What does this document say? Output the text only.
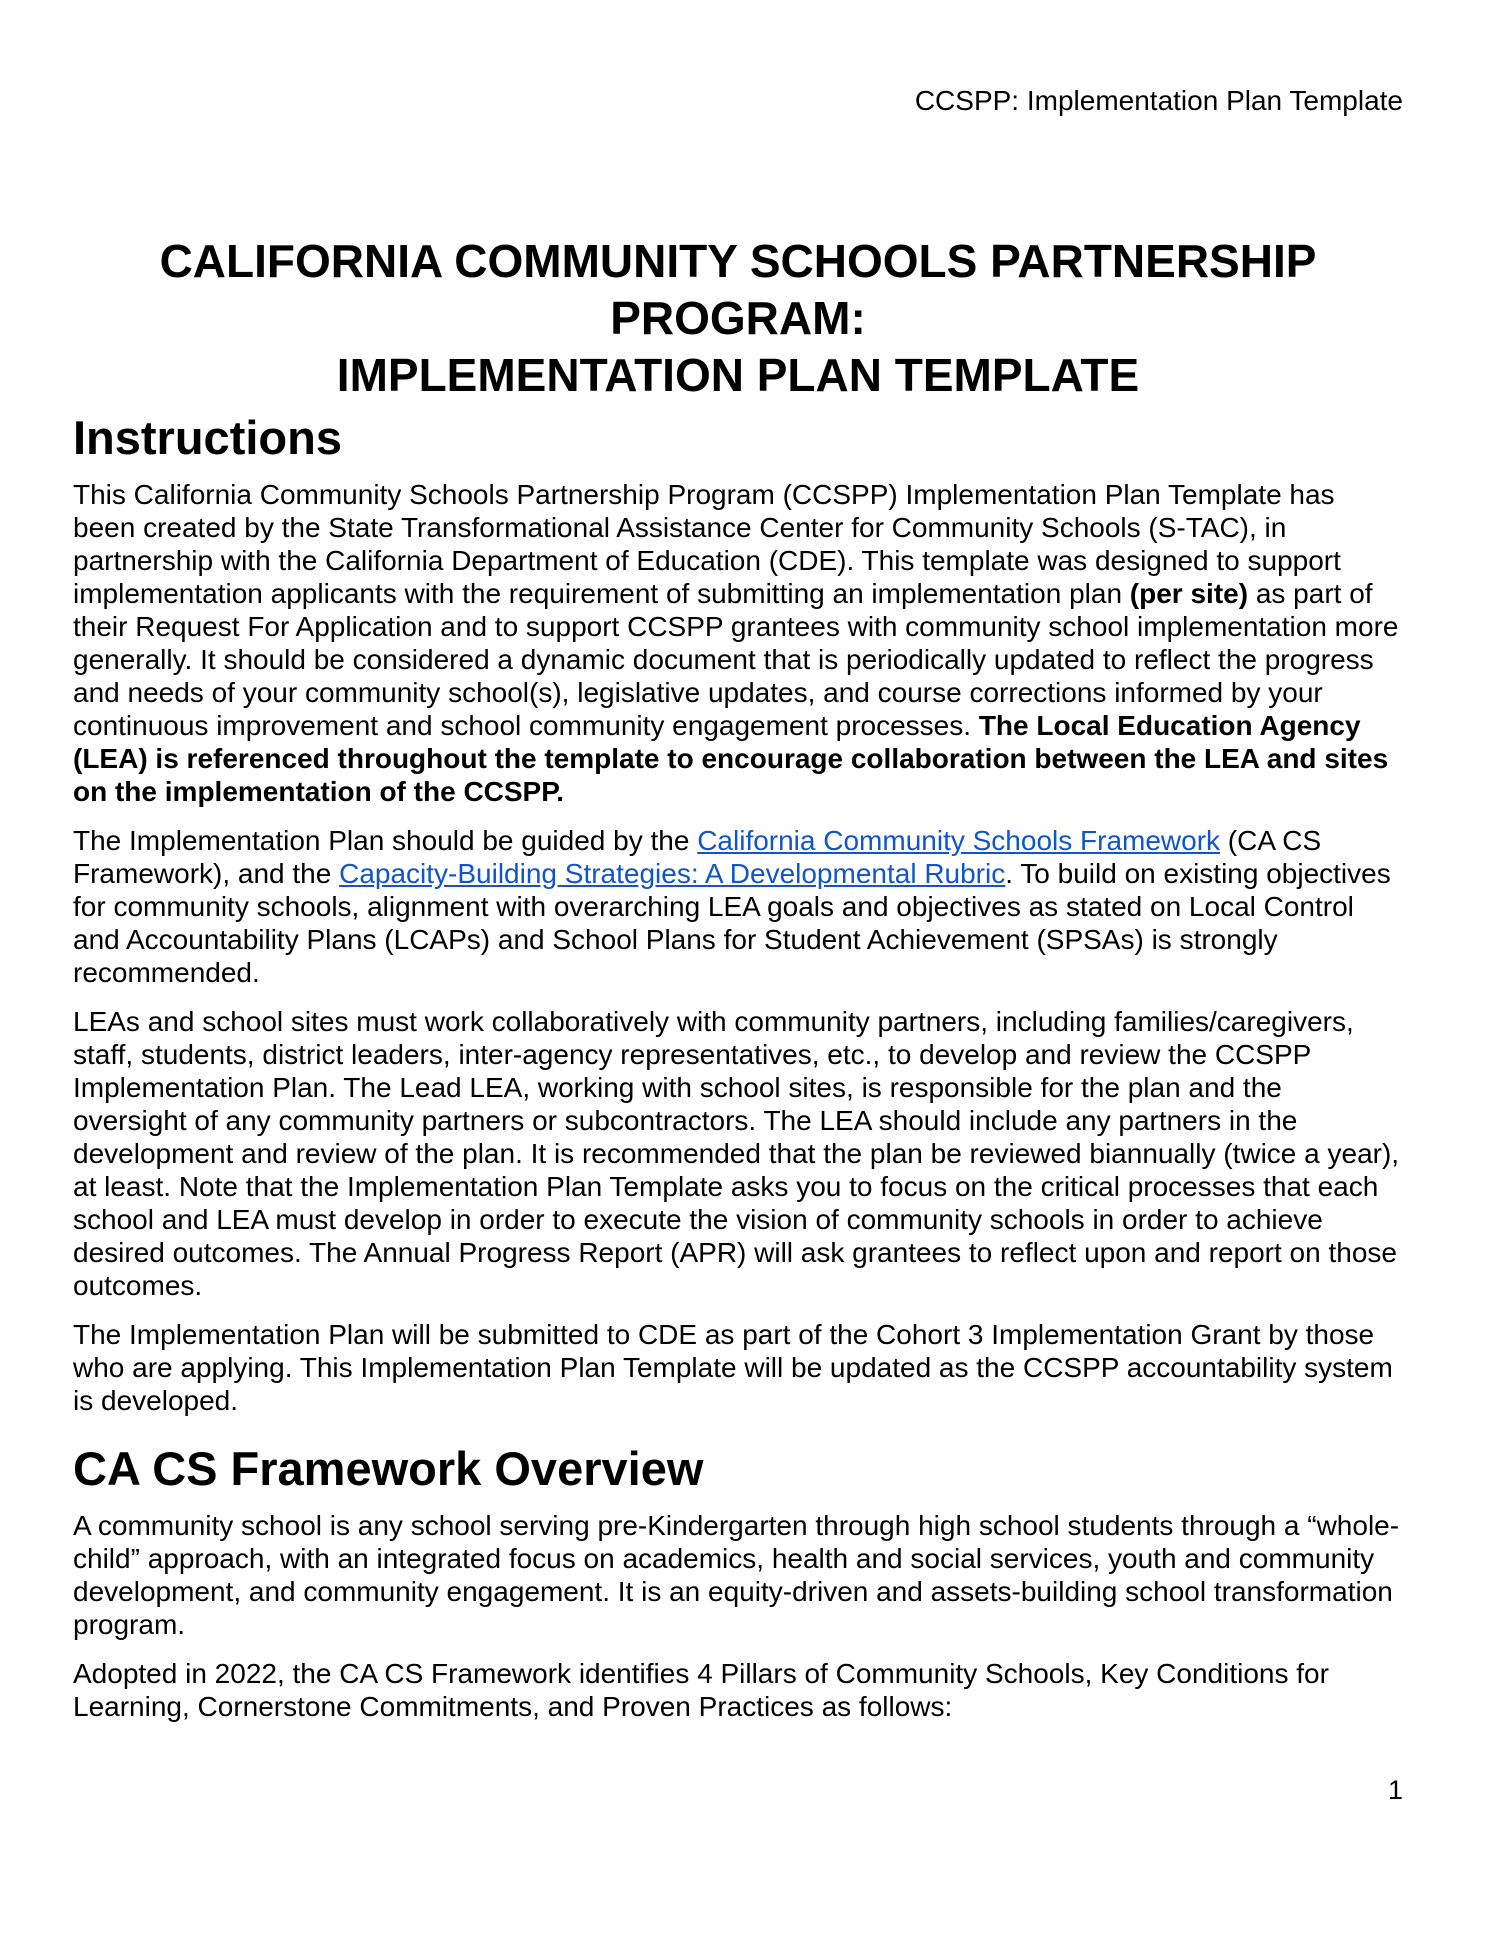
CCSPP: Implementation Plan Template
CALIFORNIA COMMUNITY SCHOOLS PARTNERSHIP PROGRAM:
IMPLEMENTATION PLAN TEMPLATE
Instructions

This California Community Schools Partnership Program (CCSPP) Implementation Plan Template has been created by the State Transformational Assistance Center for Community Schools (S-TAC), in partnership with the California Department of Education (CDE). This template was designed to support implementation applicants with the requirement of submitting an implementation plan (per site) as part of their Request For Application and to support CCSPP grantees with community school implementation more generally. It should be considered a dynamic document that is periodically updated to reflect the progress and needs of your community school(s), legislative updates, and course corrections informed by your continuous improvement and school community engagement processes. The Local Education Agency (LEA) is referenced throughout the template to encourage collaboration between the LEA and sites on the implementation of the CCSPP.

The Implementation Plan should be guided by the California Community Schools Framework (CA CS Framework), and the Capacity-Building Strategies: A Developmental Rubric. To build on existing objectives for community schools, alignment with overarching LEA goals and objectives as stated on Local Control and Accountability Plans (LCAPs) and School Plans for Student Achievement (SPSAs) is strongly recommended.

LEAs and school sites must work collaboratively with community partners, including families/caregivers, staff, students, district leaders, inter-agency representatives, etc., to develop and review the CCSPP Implementation Plan. The Lead LEA, working with school sites, is responsible for the plan and the oversight of any community partners or subcontractors. The LEA should include any partners in the development and review of the plan. It is recommended that the plan be reviewed biannually (twice a year), at least. Note that the Implementation Plan Template asks you to focus on the critical processes that each school and LEA must develop in order to execute the vision of community schools in order to achieve desired outcomes. The Annual Progress Report (APR) will ask grantees to reflect upon and report on those outcomes.

The Implementation Plan will be submitted to CDE as part of the Cohort 3 Implementation Grant by those who are applying. This Implementation Plan Template will be updated as the CCSPP accountability system is developed.

CA CS Framework Overview

A community school is any school serving pre-Kindergarten through high school students through a “whole-child” approach, with an integrated focus on academics, health and social services, youth and community development, and community engagement. It is an equity-driven and assets-building school transformation program.

Adopted in 2022, the CA CS Framework identifies 4 Pillars of Community Schools, Key Conditions for Learning, Cornerstone Commitments, and Proven Practices as follows:

1
